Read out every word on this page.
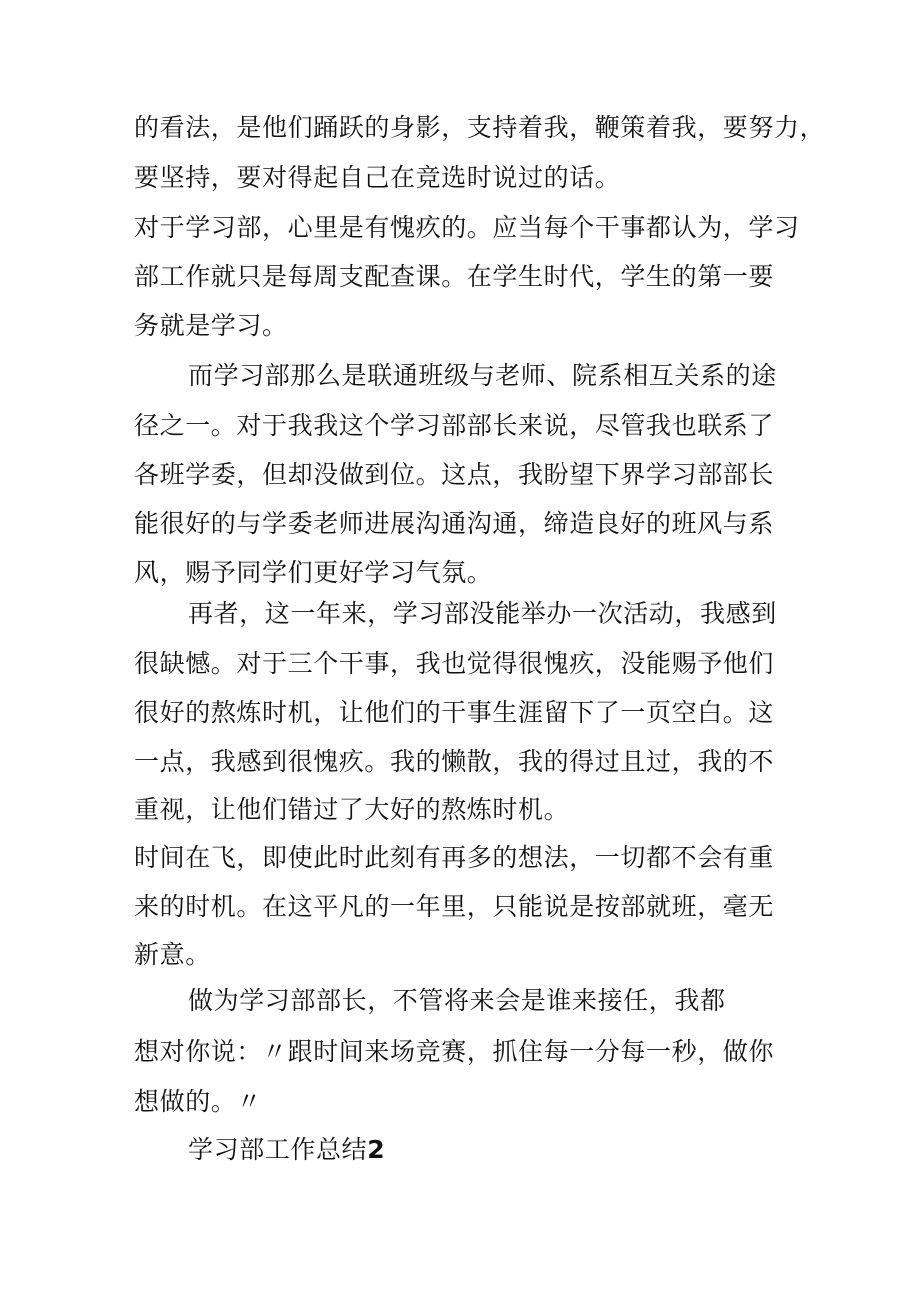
的看法，是他们踊跃的身影，支持着我，鞭策着我，要努力，

要坚持，要对得起自己在竞选时说过的话。

对于学习部，心里是有愧疚的。应当每个干事都认为，学习

部工作就只是每周支配查课。在学生时代，学生的第一要

务就是学习。

而学习部那么是联通班级与老师、院系相互关系的途

径之一。对于我我这个学习部部长来说，尽管我也联系了

各班学委，但却没做到位。这点，我盼望下界学习部部长

能很好的与学委老师进展沟通沟通，缔造良好的班风与系

风，赐予同学们更好学习气氛。

再者，这一年来，学习部没能举办一次活动，我感到

很缺憾。对于三个干事，我也觉得很愧疚，没能赐予他们

很好的熬炼时机，让他们的干事生涯留下了一页空白。这

一点，我感到很愧疚。我的懒散，我的得过且过，我的不

重视，让他们错过了大好的熬炼时机。

时间在飞，即使此时此刻有再多的想法，一切都不会有重

来的时机。在这平凡的一年里，只能说是按部就班，毫无

新意。

做为学习部部长，不管将来会是谁来接任，我都

想对你说：〃跟时间来场竞赛，抓住每一分每一秒，做你

想做的。〃

学习部工作总结2
